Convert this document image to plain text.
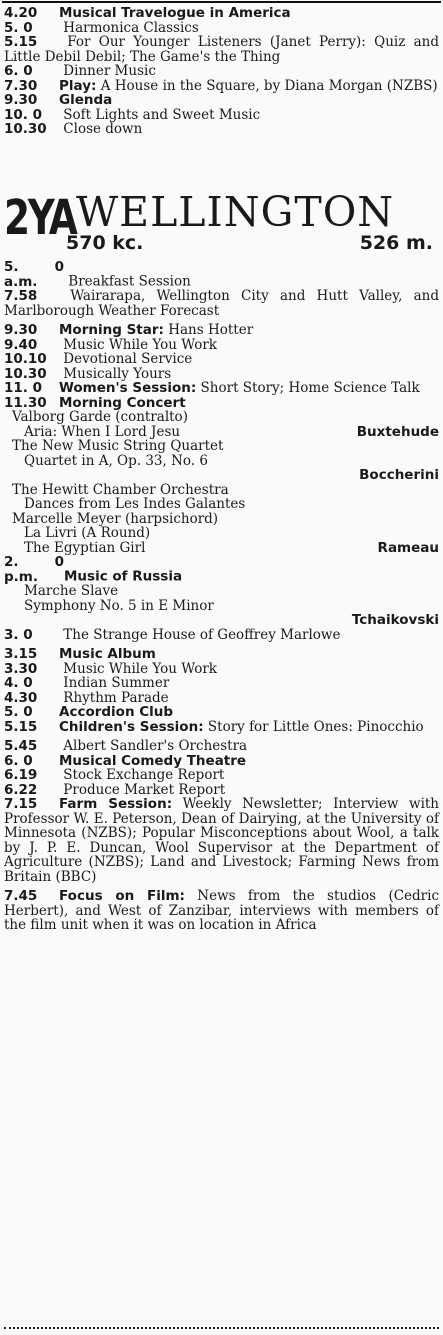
4.20 Musical Travelogue in America
5. 0 Harmonica Classics
5.15 For Our Younger Listeners (Janet Perry): Quiz and Little Debil Debil; The Game's the Thing
6. 0 Dinner Music
7.30 Play: A House in the Square, by Diana Morgan (NZBS)
9.30 Glenda
10. 0 Soft Lights and Sweet Music
10.30 Close down
2YA WELLINGTON
570 kc.	526 m.
5. 0 a.m. Breakfast Session
7.58 Wairarapa, Wellington City and Hutt Valley, and Marlborough Weather Forecast
9.30 Morning Star: Hans Hotter
9.40 Music While You Work
10.10 Devotional Service
10.30 Musically Yours
11. 0 Women's Session: Short Story; Home Science Talk
11.30 Morning Concert
Valborg Garde (contralto)
Aria: When I Lord Jesu	Buxtehude
The New Music String Quartet
Quartet in A, Op. 33, No. 6
Boccherini
The Hewitt Chamber Orchestra
Dances from Les Indes Galantes
Marcelle Meyer (harpsichord)
La Livri (A Round)
The Egyptian Girl	Rameau
2. 0 p.m. Music of Russia
Marche Slave
Symphony No. 5 in E Minor
Tchaikovski
3. 0 The Strange House of Geoffrey Marlowe
3.15 Music Album
3.30 Music While You Work
4. 0 Indian Summer
4.30 Rhythm Parade
5. 0 Accordion Club
5.15 Children's Session: Story for Little Ones: Pinocchio
5.45 Albert Sandler's Orchestra
6. 0 Musical Comedy Theatre
6.19 Stock Exchange Report
6.22 Produce Market Report
7.15 Farm Session: Weekly Newsletter; Interview with Professor W. E. Peterson, Dean of Dairying, at the University of Minnesota (NZBS); Popular Misconceptions about Wool, a talk by J. P. E. Duncan, Wool Supervisor at the Department of Agriculture (NZBS); Land and Livestock; Farming News from Britain (BBC)
7.45 Focus on Film: News from the studios (Cedric Herbert), and West of Zanzibar, interviews with members of the film unit when it was on location in Africa
